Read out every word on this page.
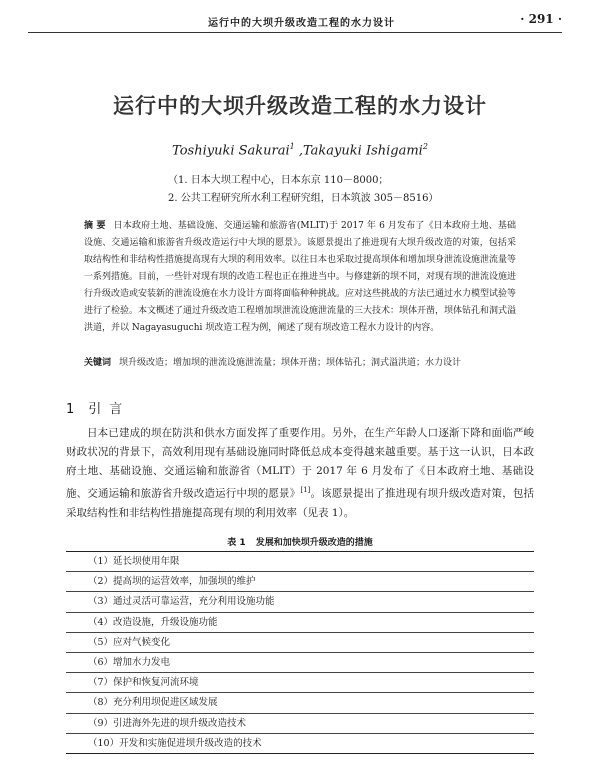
运行中的大坝升级改造工程的水力设计	· 291 ·
运行中的大坝升级改造工程的水力设计
Toshiyuki Sakurai$^1$ ,Takayuki Ishigami$^2$
（1. 日本大坝工程中心，日本东京 110－8000；
2. 公共工程研究所水利工程研究组，日本筑波 305－8516）
摘 要 日本政府土地、基础设施、交通运输和旅游省(MLIT)于 2017 年 6 月发布了《日本政府土地、基础设施、交通运输和旅游省升级改造运行中大坝的愿景》。该愿景提出了推进现有大坝升级改造的对策，包括采取结构性和非结构性措施提高现有大坝的利用效率。以往日本也采取过提高坝体和增加坝身泄流设施泄流量等一系列措施。目前，一些针对现有坝的改造工程也正在推进当中。与修建新的坝不同，对现有坝的泄流设施进行升级改造或安装新的泄流设施在水力设计方面将面临种种挑战。应对这些挑战的方法已通过水力模型试验等进行了检验。本文概述了通过升级改造工程增加坝泄流设施泄流量的三大技术：坝体开凿，坝体钻孔和洞式溢洪道，并以 Nagayasuguchi 坝改造工程为例，阐述了现有坝改造工程水力设计的内容。
关键词 坝升级改造；增加坝的泄流设施泄流量；坝体开凿；坝体钻孔；洞式溢洪道；水力设计
1 引言
日本已建成的坝在防洪和供水方面发挥了重要作用。另外，在生产年龄人口逐渐下降和面临严峻财政状况的背景下，高效利用现有基础设施同时降低总成本变得越来越重要。基于这一认识，日本政府土地、基础设施、交通运输和旅游省（MLIT）于 2017 年 6 月发布了《日本政府土地、基础设施、交通运输和旅游省升级改造运行中坝的愿景》[1]。该愿景提出了推进现有坝升级改造对策，包括采取结构性和非结构性措施提高现有坝的利用效率（见表 1）。
表 1 发展和加快坝升级改造的措施
（1）延长坝使用年限
（2）提高坝的运营效率，加强坝的维护
（3）通过灵活可靠运营，充分利用设施功能
（4）改造设施，升级设施功能
（5）应对气候变化
（6）增加水力发电
（7）保护和恢复河流环境
（8）充分利用坝促进区域发展
（9）引进海外先进的坝升级改造技术
（10）开发和实施促进坝升级改造的技术
